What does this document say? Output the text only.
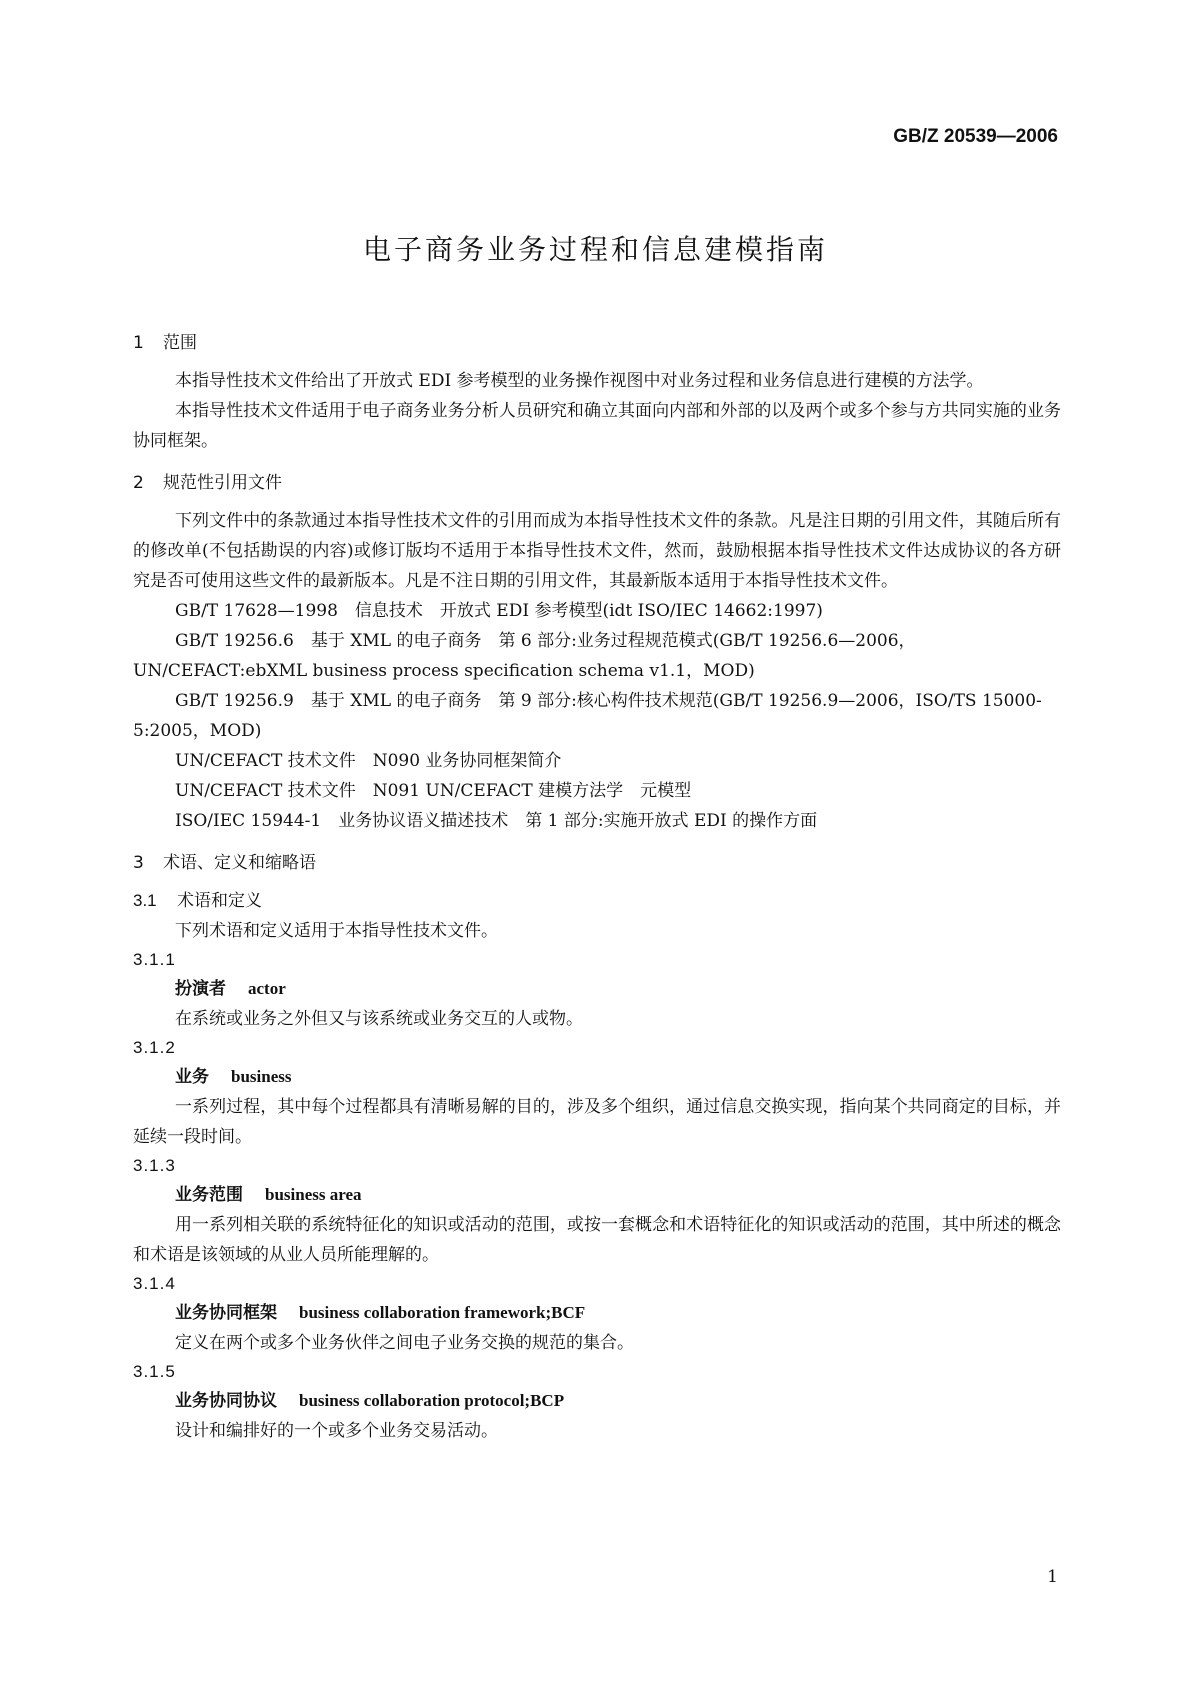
GB/Z 20539—2006
电子商务业务过程和信息建模指南
1 范围

本指导性技术文件给出了开放式 EDI 参考模型的业务操作视图中对业务过程和业务信息进行建模的方法学。

本指导性技术文件适用于电子商务业务分析人员研究和确立其面向内部和外部的以及两个或多个参与方共同实施的业务协同框架。

2 规范性引用文件

下列文件中的条款通过本指导性技术文件的引用而成为本指导性技术文件的条款。凡是注日期的引用文件，其随后所有的修改单(不包括勘误的内容)或修订版均不适用于本指导性技术文件，然而，鼓励根据本指导性技术文件达成协议的各方研究是否可使用这些文件的最新版本。凡是不注日期的引用文件，其最新版本适用于本指导性技术文件。

GB/T 17628—1998　信息技术　开放式 EDI 参考模型(idt ISO/IEC 14662:1997)

GB/T 19256.6　基于 XML 的电子商务　第 6 部分:业务过程规范模式(GB/T 19256.6—2006，UN/CEFACT:ebXML business process specification schema v1.1，MOD)

GB/T 19256.9　基于 XML 的电子商务　第 9 部分:核心构件技术规范(GB/T 19256.9—2006，ISO/TS 15000-5:2005，MOD)

UN/CEFACT 技术文件　N090 业务协同框架简介

UN/CEFACT 技术文件　N091 UN/CEFACT 建模方法学　元模型

ISO/IEC 15944-1　业务协议语义描述技术　第 1 部分:实施开放式 EDI 的操作方面

3 术语、定义和缩略语
3.1 术语和定义

下列术语和定义适用于本指导性技术文件。

3.1.1

扮演者 actor

在系统或业务之外但又与该系统或业务交互的人或物。

3.1.2

业务 business

一系列过程，其中每个过程都具有清晰易解的目的，涉及多个组织，通过信息交换实现，指向某个共同商定的目标，并延续一段时间。

3.1.3

业务范围 business area

用一系列相关联的系统特征化的知识或活动的范围，或按一套概念和术语特征化的知识或活动的范围，其中所述的概念和术语是该领域的从业人员所能理解的。

3.1.4

业务协同框架 business collaboration framework;BCF

定义在两个或多个业务伙伴之间电子业务交换的规范的集合。

3.1.5

业务协同协议 business collaboration protocol;BCP

设计和编排好的一个或多个业务交易活动。

1
